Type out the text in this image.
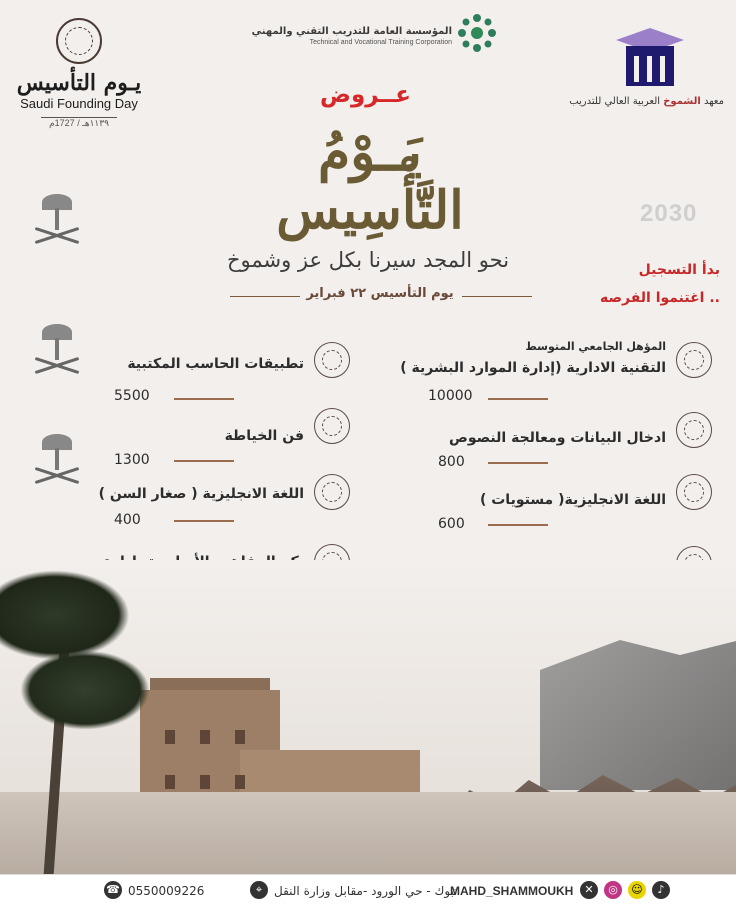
يـوم التأسيس
Saudi Founding Day
١١٣٩هـ / 1727م
المؤسسة العامة للتدريب التقني والمهني
Technical and Vocational Training Corporation
معهد الشموخ العربية العالي للتدريب
عــروض
2030
يَــوْمُ
التَّأْسِيس
نحو المجد سيرنا بكل عز وشموخ
يوم التأسيس ٢٢ فبراير
بدأ التسجيل
اغتنموا الفرصه ..
المؤهل الجامعي المتوسط
التقنية الادارية (إدارة الموارد البشرية )
10000
ادخال البيانات ومعالجة النصوص
800
اللغة الانجليزية( مستويات )
600
تطبيقات الحاسب المكتبية
5500
فن الخياطة
1300
اللغة الانجليزية ( صغار السن )
400
☎ 0550009226	⌖ تبوك - حي الورود -مقابل وزارة النقل
MAHD_SHAMMOUKH	✕	◎	☺	♪
